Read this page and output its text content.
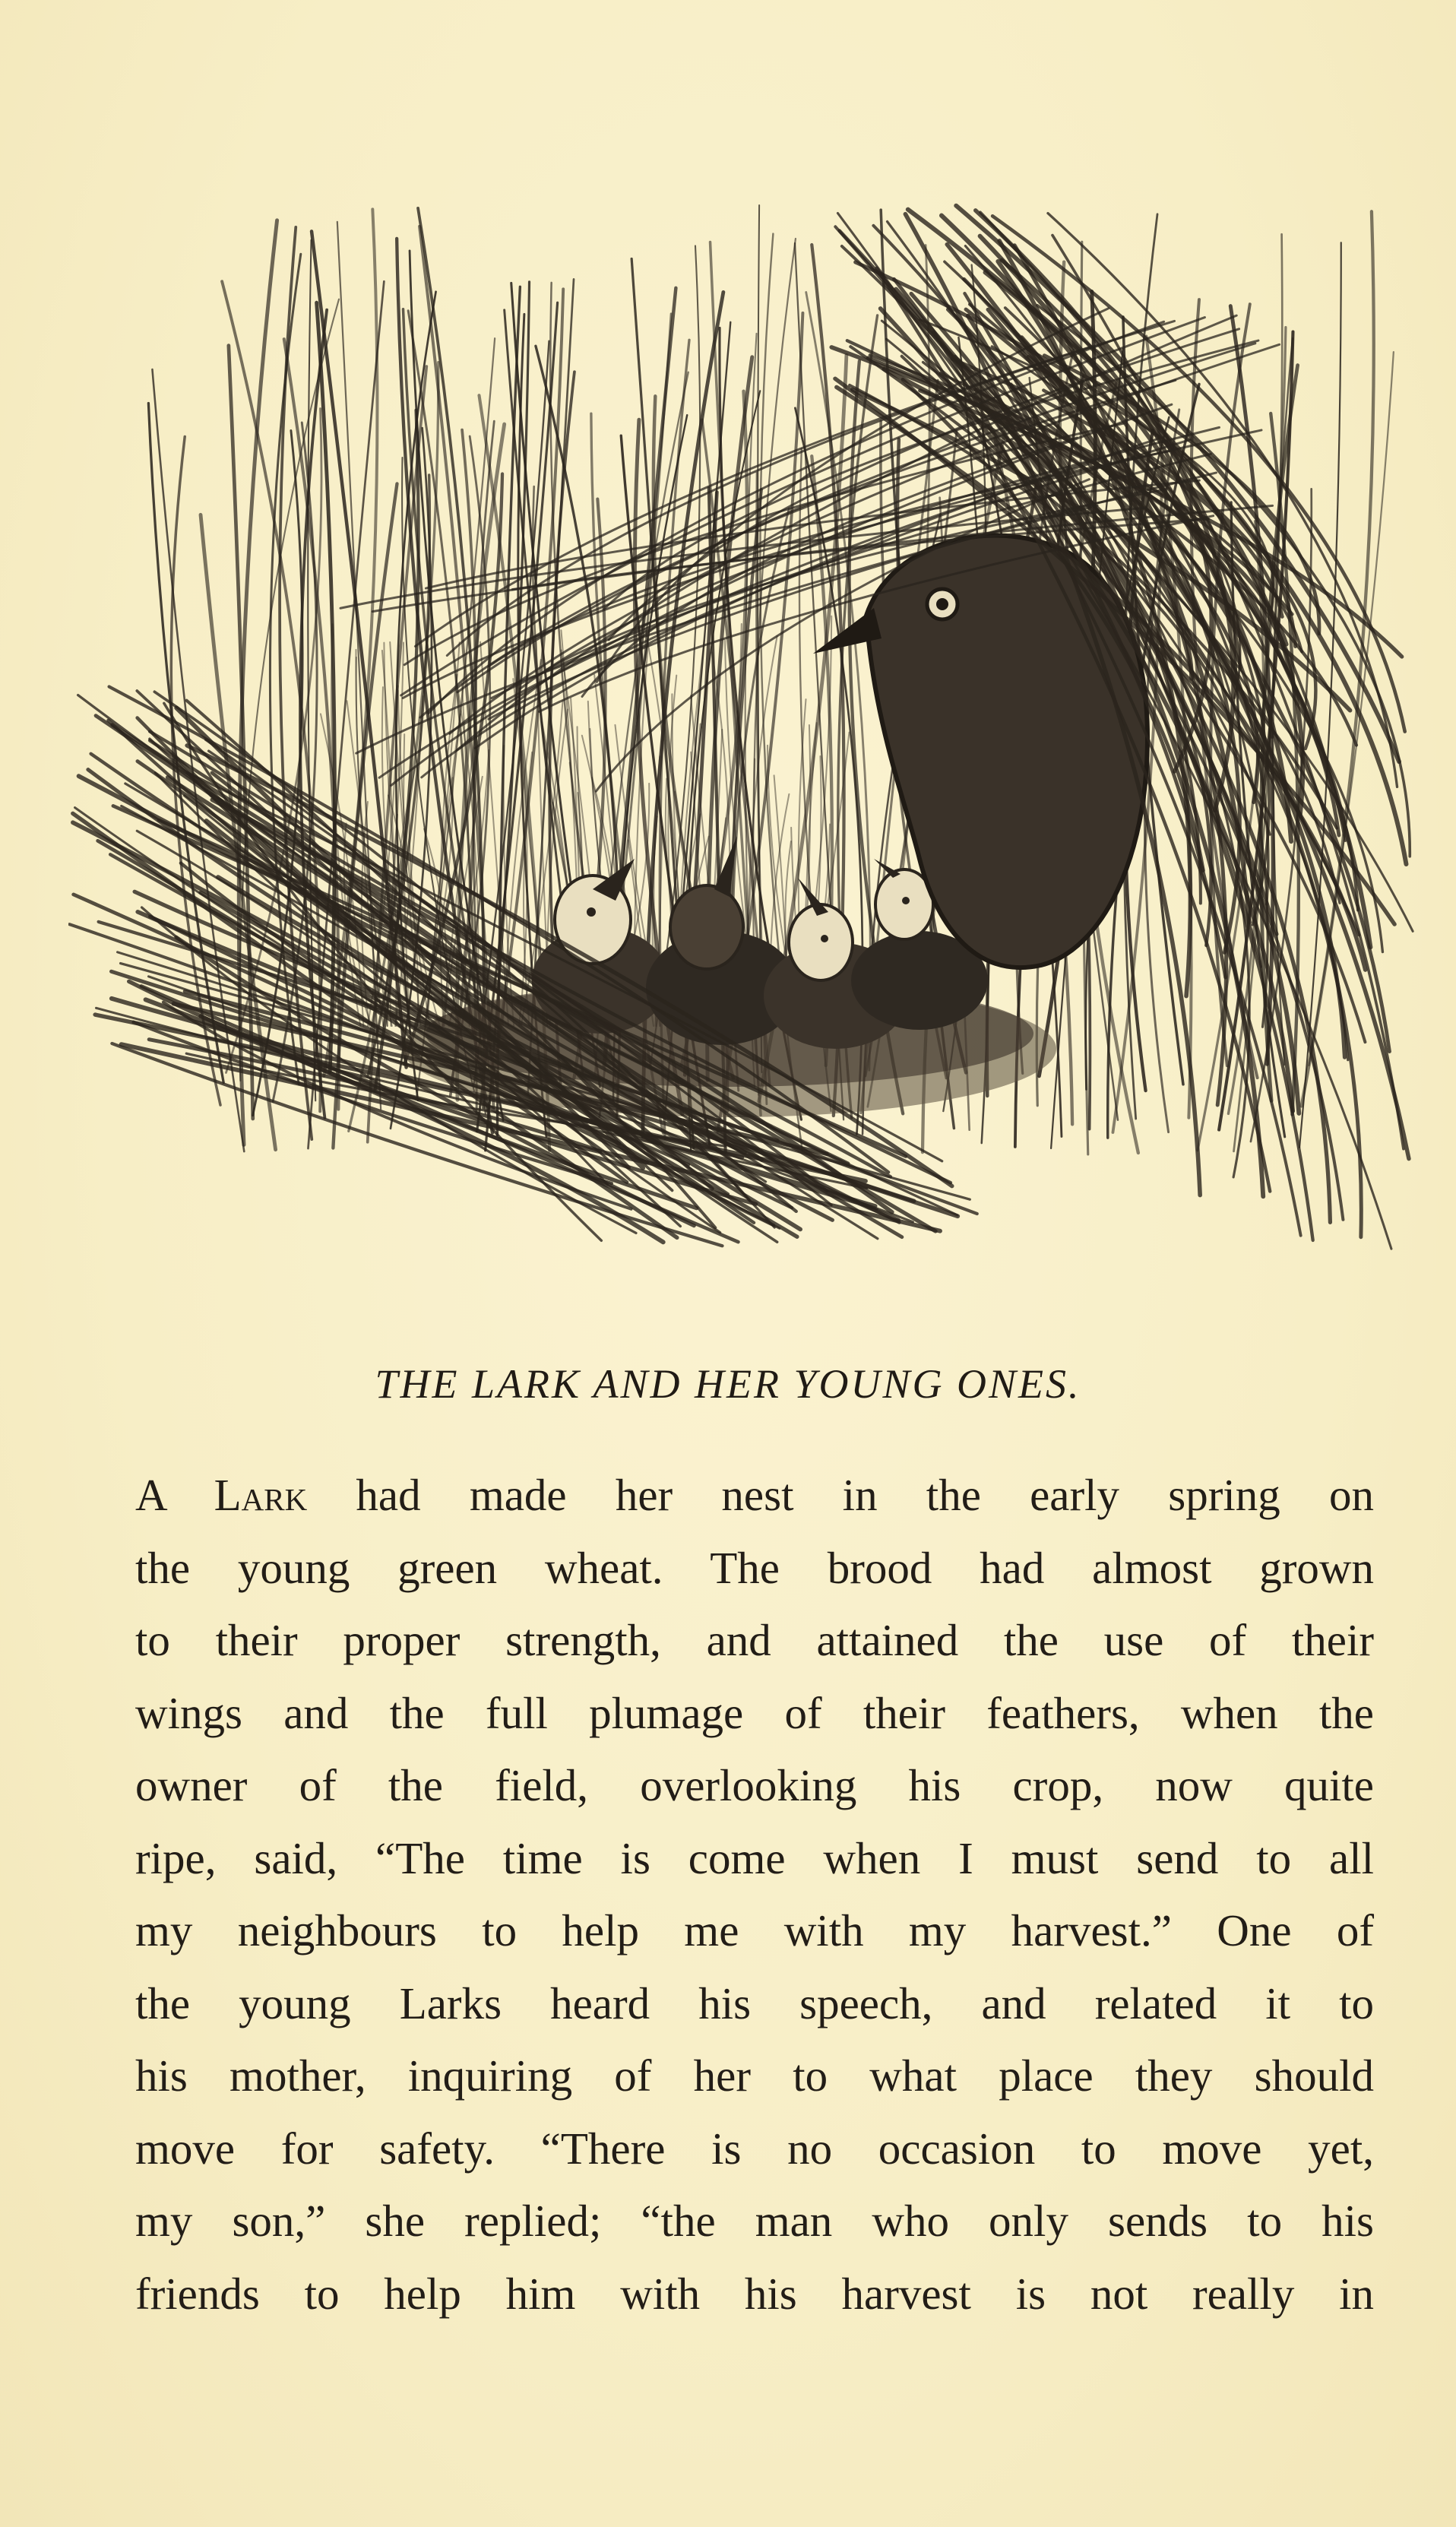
THE LARK AND HER YOUNG ONES.
A Lark had made her nest in the early spring on
the young green wheat. The brood had almost grown
to their proper strength, and attained the use of their
wings and the full plumage of their feathers, when the
owner of the field, overlooking his crop, now quite
ripe, said, “The time is come when I must send to all
my neighbours to help me with my harvest.” One of
the young Larks heard his speech, and related it to
his mother, inquiring of her to what place they should
move for safety. “There is no occasion to move yet,
my son,” she replied; “the man who only sends to his
friends to help him with his harvest is not really in
